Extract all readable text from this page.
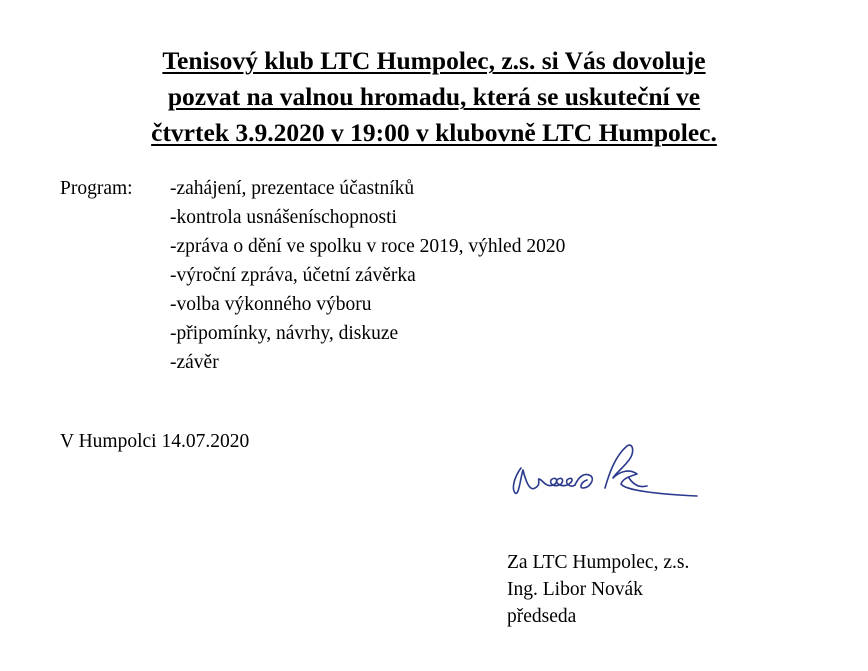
Tenisový klub LTC Humpolec, z.s. si Vás dovoluje
pozvat na valnou hromadu, která se uskuteční ve
čtvrtek 3.9.2020 v 19:00 v klubovně LTC Humpolec.
Program: -zahájení, prezentace účastníků
-kontrola usnášeníschopnosti
-zpráva o dění ve spolku v roce 2019, výhled 2020
-výroční zpráva, účetní závěrka
-volba výkonného výboru
-připomínky, návrhy, diskuze
-závěr
V Humpolci 14.07.2020
Za LTC Humpolec, z.s.
Ing. Libor Novák
předseda
